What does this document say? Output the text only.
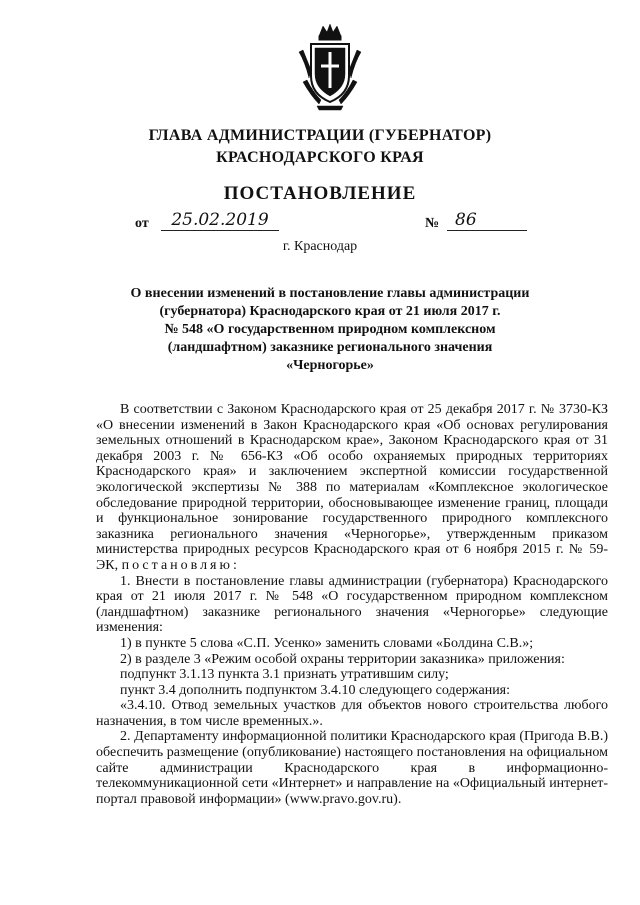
ГЛАВА АДМИНИСТРАЦИИ (ГУБЕРНАТОР)
КРАСНОДАРСКОГО КРАЯ
ПОСТАНОВЛЕНИЕ
от	25.02.2019	№ 86
г. Краснодар
О внесении изменений в постановление главы администрации
(губернатора) Краснодарского края от 21 июля 2017 г.
№ 548 «О государственном природном комплексном
(ландшафтном) заказнике регионального значения
«Черногорье»

В соответствии с Законом Краснодарского края от 25 декабря 2017 г. № 3730-КЗ «О внесении изменений в Закон Краснодарского края «Об основах регулирования земельных отношений в Краснодарском крае», Законом Краснодарского края от 31 декабря 2003 г. № 656-КЗ «Об особо охраняемых природных территориях Краснодарского края» и заключением экспертной комиссии государственной экологической экспертизы № 388 по материалам «Комплексное экологическое обследование природной территории, обосновывающее изменение границ, площади и функциональное зонирование государственного природного комплексного заказника регионального значения «Черногорье», утвержденным приказом министерства природных ресурсов Краснодарского края от 6 ноября 2015 г. № 59-ЭК, постановляю:

1. Внести в постановление главы администрации (губернатора) Краснодарского края от 21 июля 2017 г. № 548 «О государственном природном комплексном (ландшафтном) заказнике регионального значения «Черногорье» следующие изменения:

1) в пункте 5 слова «С.П. Усенко» заменить словами «Болдина С.В.»;

2) в разделе 3 «Режим особой охраны территории заказника» приложения:

подпункт 3.1.13 пункта 3.1 признать утратившим силу;

пункт 3.4 дополнить подпунктом 3.4.10 следующего содержания:

«3.4.10. Отвод земельных участков для объектов нового строительства любого назначения, в том числе временных.».

2. Департаменту информационной политики Краснодарского края (Пригода В.В.) обеспечить размещение (опубликование) настоящего постановления на официальном сайте администрации Краснодарского края в информационно-телекоммуникационной сети «Интернет» и направление на «Официальный интернет-портал правовой информации» (www.pravo.gov.ru).
